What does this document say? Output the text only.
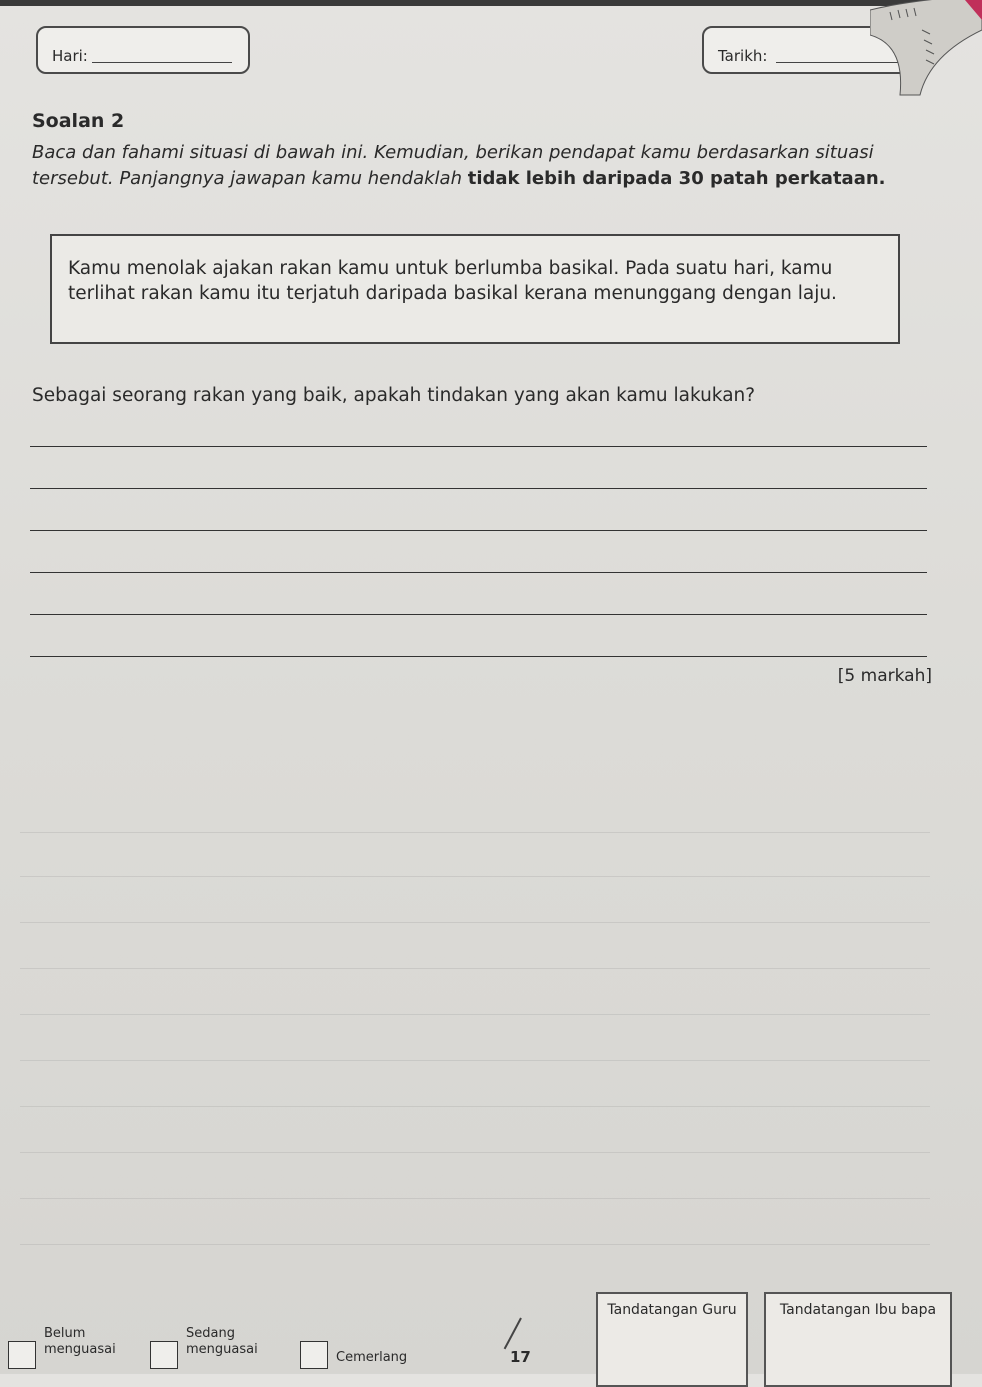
Hari:	Tarikh:
Soalan 2

Baca dan fahami situasi di bawah ini. Kemudian, berikan pendapat kamu berdasarkan situasi tersebut. Panjangnya jawapan kamu hendaklah tidak lebih daripada 30 patah perkataan.

Kamu menolak ajakan rakan kamu untuk berlumba basikal. Pada suatu hari, kamu terlihat rakan kamu itu terjatuh daripada basikal kerana menunggang dengan laju.

Sebagai seorang rakan yang baik, apakah tindakan yang akan kamu lakukan?

[5 markah]
Tandatangan Guru	Tandatangan Ibu bapa
Belum
menguasai
Sedang
menguasai
Cemerlang	17
